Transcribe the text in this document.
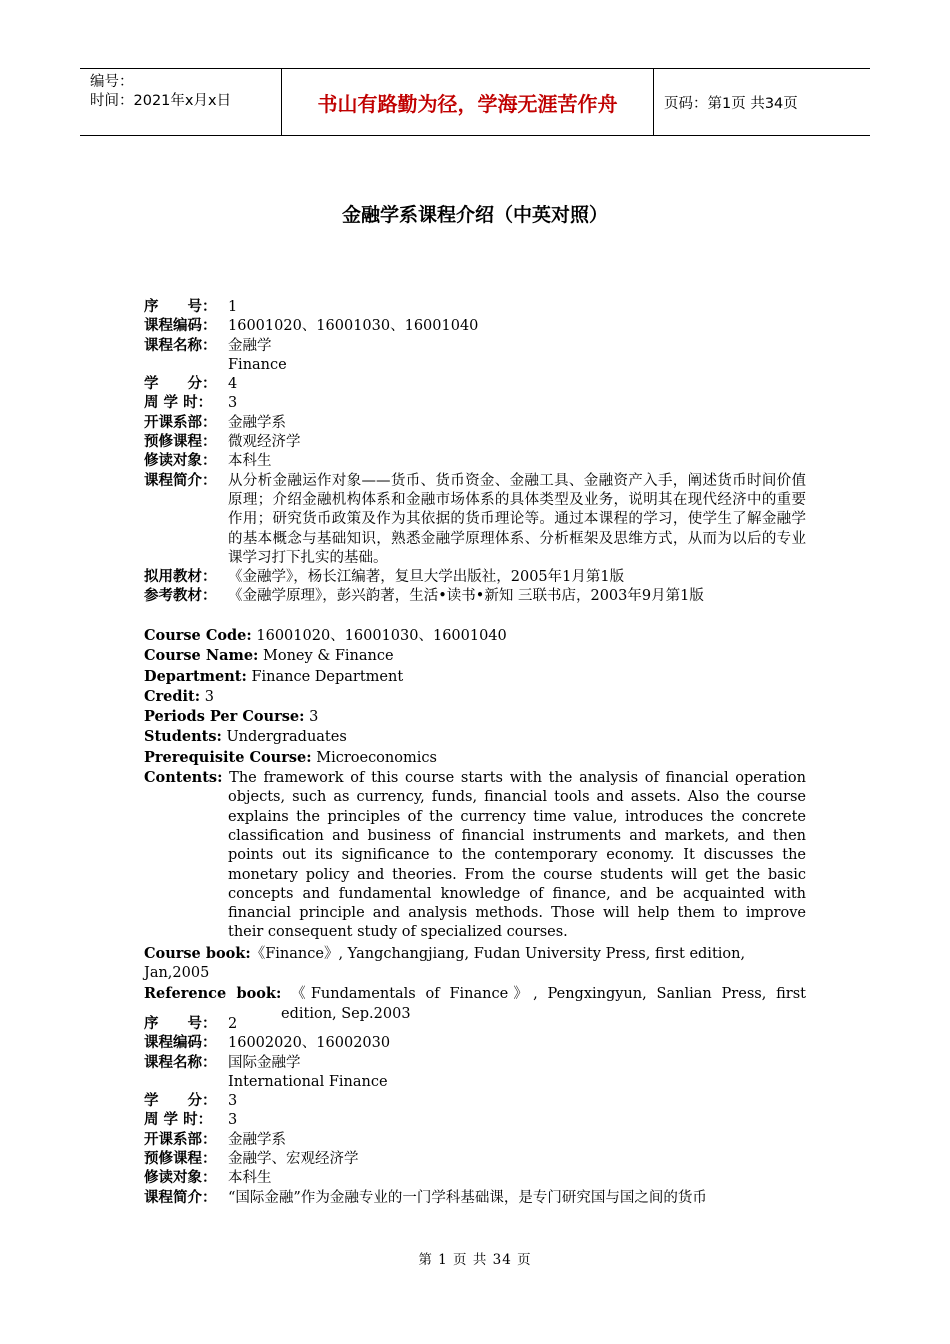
编号：
时间：2021年x月x日	书山有路勤为径，学海无涯苦作舟	页码：第1页 共34页
金融学系课程介绍（中英对照）
序　　号： 1
课程编码： 16001020、16001030、16001040
课程名称： 金融学
Finance
学　　分： 4
周 学 时：	3
开课系部： 金融学系
预修课程： 微观经济学
修读对象： 本科生
课程简介： 从分析金融运作对象——货币、货币资金、金融工具、金融资产入手，阐述货币时间价值原理；介绍金融机构体系和金融市场体系的具体类型及业务，说明其在现代经济中的重要作用；研究货币政策及作为其依据的货币理论等。通过本课程的学习，使学生了解金融学的基本概念与基础知识，熟悉金融学原理体系、分析框架及思维方式，从而为以后的专业课学习打下扎实的基础。
拟用教材： 《金融学》，杨长江编著，复旦大学出版社，2005年1月第1版
参考教材： 《金融学原理》，彭兴韵著，生活•读书•新知 三联书店，2003年9月第1版

Course Code: 16001020、16001030、16001040

Course Name: Money & Finance

Department: Finance Department

Credit: 3

Periods Per Course: 3

Students: Undergraduates

Prerequisite Course: Microeconomics

Contents: The framework of this course starts with the analysis of financial operation objects, such as currency, funds, financial tools and assets. Also the course explains the principles of the currency time value, introduces the concrete classification and business of financial instruments and markets, and then points out its significance to the contemporary economy. It discusses the monetary policy and theories. From the course students will get the basic concepts and fundamental knowledge of finance, and be acquainted with financial principle and analysis methods. Those will help them to improve their consequent study of specialized courses.

Course book:《Finance》, Yangchangjiang, Fudan University Press, first edition, Jan,2005

Reference book: 《Fundamentals of Finance》, Pengxingyun, Sanlian Press, first edition, Sep.2003

序　　号： 2
课程编码： 16002020、16002030
课程名称： 国际金融学
International Finance
学　　分： 3
周 学 时：	3
开课系部： 金融学系
预修课程： 金融学、宏观经济学
修读对象： 本科生
课程简介： “国际金融”作为金融专业的一门学科基础课，是专门研究国与国之间的货币
第 1 页 共 34 页
